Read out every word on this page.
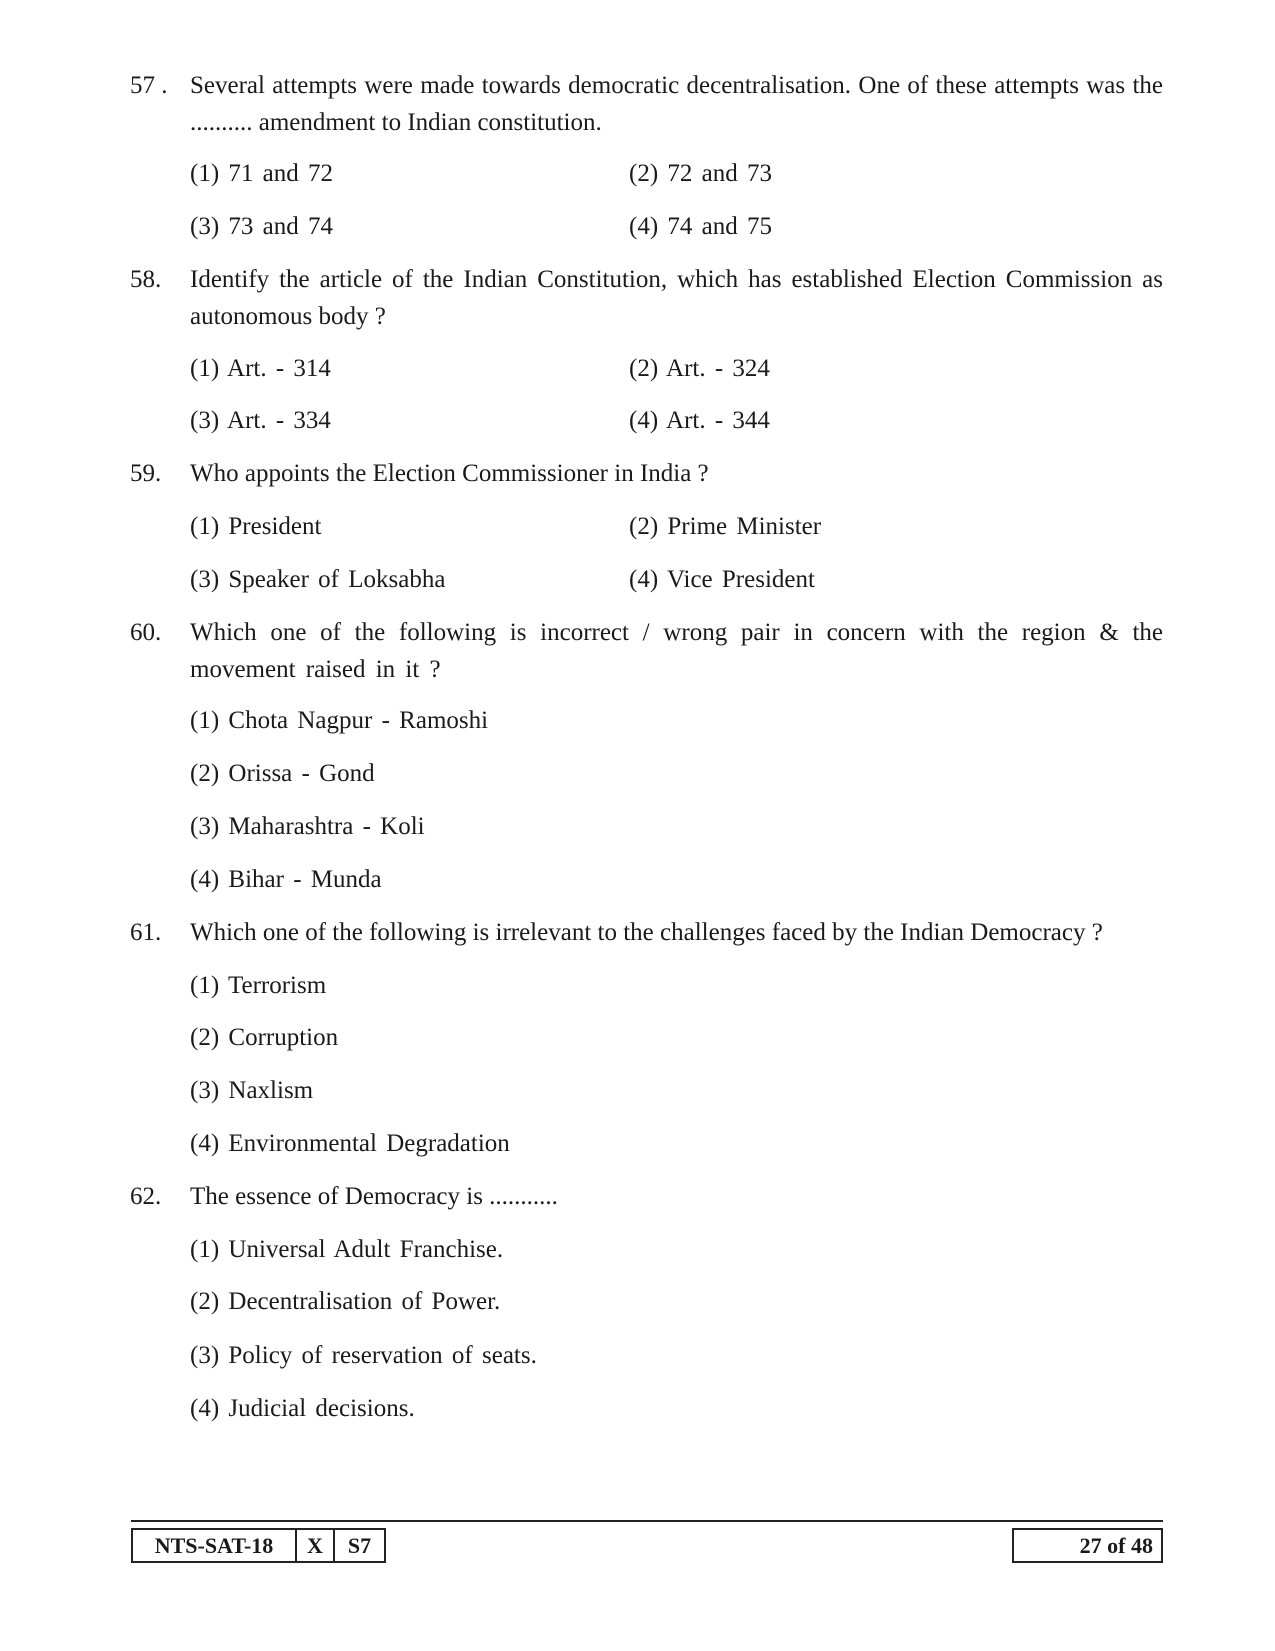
57 . Several attempts were made towards democratic decentralisation. One of these attempts was the .......... amendment to Indian constitution.
(1) 71 and 72	(2) 72 and 73
(3) 73 and 74	(4) 74 and 75
58. Identify the article of the Indian Constitution, which has established Election Commission as autonomous body ?
(1) Art. - 314	(2) Art. - 324
(3) Art. - 334	(4) Art. - 344
59. Who appoints the Election Commissioner in India ?
(1) President	(2) Prime Minister
(3) Speaker of Loksabha	(4) Vice President
60. Which one of the following is incorrect / wrong pair in concern with the region & the movement raised in it ?
(1) Chota Nagpur - Ramoshi
(2) Orissa - Gond
(3) Maharashtra - Koli
(4) Bihar - Munda
61. Which one of the following is irrelevant to the challenges faced by the Indian Democracy ?
(1) Terrorism
(2) Corruption
(3) Naxlism
(4) Environmental Degradation
62. The essence of Democracy is ...........
(1) Universal Adult Franchise.
(2) Decentralisation of Power.
(3) Policy of reservation of seats.
(4) Judicial decisions.
NTS-SAT-18	X	S7	27 of 48
